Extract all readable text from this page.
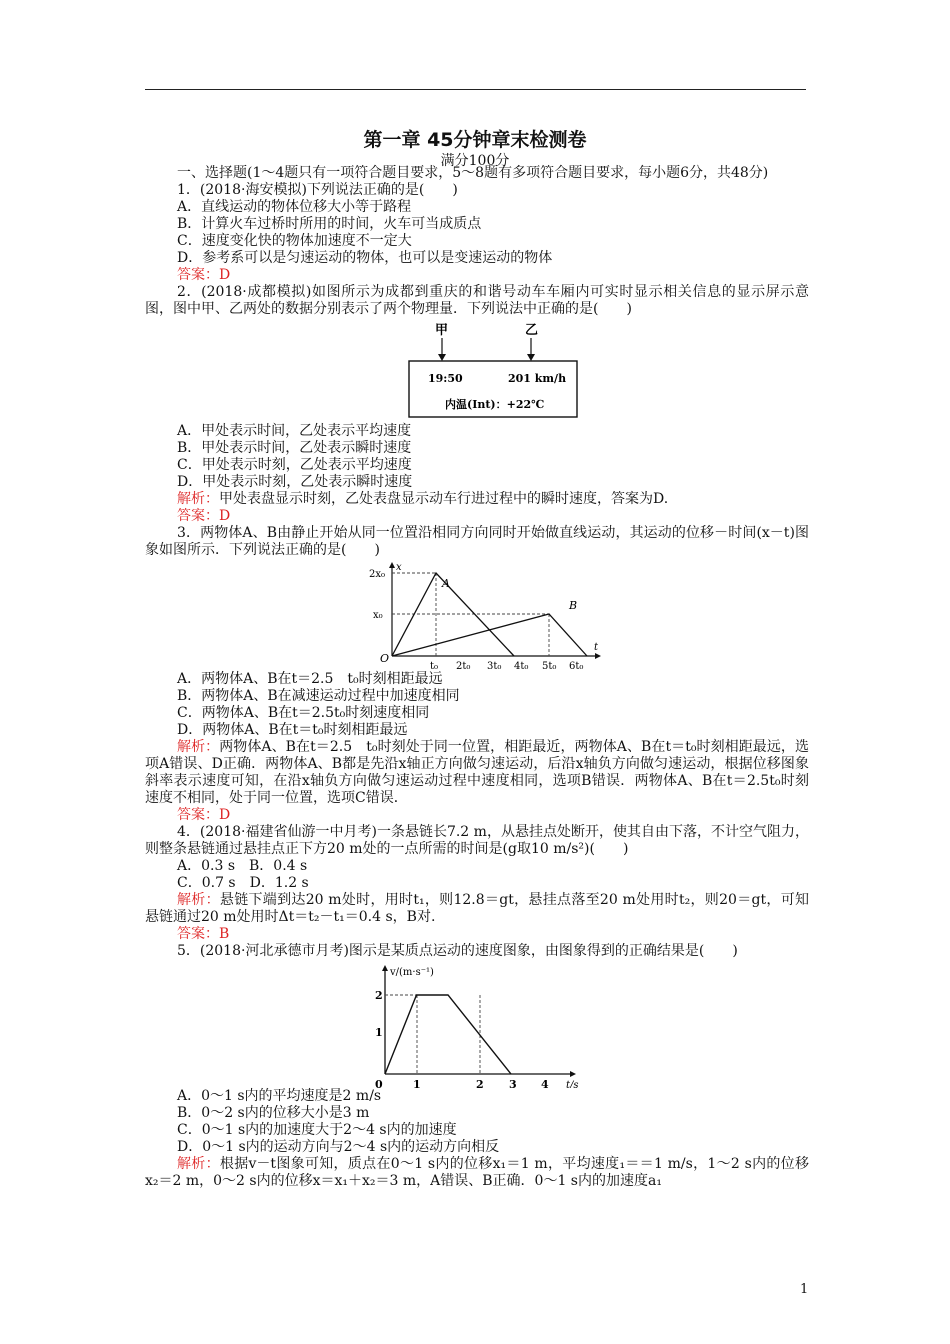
第一章 45分钟章末检测卷
满分100分

一、选择题(1～4题只有一项符合题目要求，5～8题有多项符合题目要求，每小题6分，共48分)

1．(2018·海安模拟)下列说法正确的是(　　)

A．直线运动的物体位移大小等于路程

B．计算火车过桥时所用的时间，火车可当成质点

C．速度变化快的物体加速度不一定大

D．参考系可以是匀速运动的物体，也可以是变速运动的物体

答案：D

2．(2018·成都模拟)如图所示为成都到重庆的和谐号动车车厢内可实时显示相关信息的显示屏示意图，图中甲、乙两处的数据分别表示了两个物理量．下列说法中正确的是(　　)

甲	乙
19:50	201 km/h
内温(Int)：+22℃

A．甲处表示时间，乙处表示平均速度

B．甲处表示时间，乙处表示瞬时速度

C．甲处表示时刻，乙处表示平均速度

D．甲处表示时刻，乙处表示瞬时速度

解析：甲处表盘显示时刻，乙处表盘显示动车行进过程中的瞬时速度，答案为D.

答案：D

3．两物体A、B由静止开始从同一位置沿相同方向同时开始做直线运动，其运动的位移－时间(x－t)图象如图所示．下列说法正确的是(　　)

x
t
O
A
B
2x₀
x₀
t₀ 2t₀ 3t₀ 4t₀ 5t₀ 6t₀

A．两物体A、B在t＝2.5　t₀时刻相距最远

B．两物体A、B在减速运动过程中加速度相同

C．两物体A、B在t＝2.5t₀时刻速度相同

D．两物体A、B在t＝t₀时刻相距最远

解析：两物体A、B在t＝2.5　t₀时刻处于同一位置，相距最近，两物体A、B在t＝t₀时刻相距最远，选项A错误、D正确．两物体A、B都是先沿x轴正方向做匀速运动，后沿x轴负方向做匀速运动，根据位移图象斜率表示速度可知，在沿x轴负方向做匀速运动过程中速度相同，选项B错误．两物体A、B在t＝2.5t₀时刻速度不相同，处于同一位置，选项C错误．

答案：D

4．(2018·福建省仙游一中月考)一条悬链长7.2 m，从悬挂点处断开，使其自由下落，不计空气阻力，则整条悬链通过悬挂点正下方20 m处的一点所需的时间是(g取10 m/s²)(　　)

A．0.3 s　B．0.4 s

C．0.7 s　D．1.2 s

解析：悬链下端到达20 m处时，用时t₁，则12.8＝gt，悬挂点落至20 m处用时t₂，则20＝gt，可知悬链通过20 m处用时Δt＝t₂－t₁＝0.4 s，B对.

答案：B

5．(2018·河北承德市月考)图示是某质点运动的速度图象，由图象得到的正确结果是(　　)

v/(m·s⁻¹)
t/s
0
1
2
1	2 3 4

A．0～1 s内的平均速度是2 m/s

B．0～2 s内的位移大小是3 m

C．0～1 s内的加速度大于2～4 s内的加速度

D．0～1 s内的运动方向与2～4 s内的运动方向相反

解析：根据v－t图象可知，质点在0～1 s内的位移x₁＝1 m，平均速度₁＝＝1 m/s，1～2 s内的位移x₂＝2 m，0～2 s内的位移x＝x₁＋x₂＝3 m，A错误、B正确．0～1 s内的加速度a₁

1
